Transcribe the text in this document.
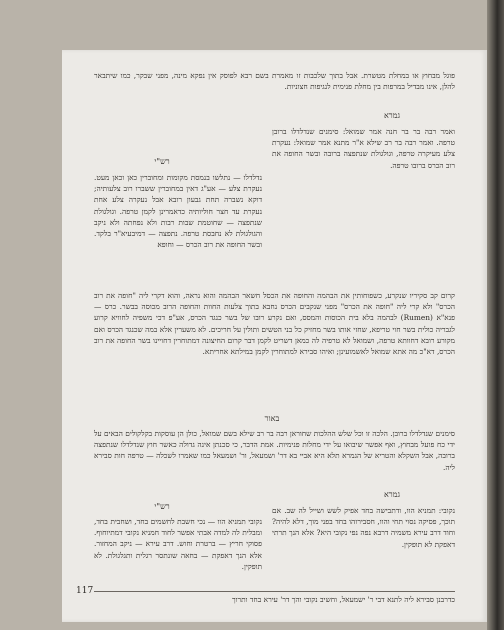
פוגל מבחוץ או במחלת מטשרת. אבל בתוך שלכבות זו מאמרת בשם רבא לפוסק אין נפקא מינה, מפני שבקר, כמו שיתבאר להלן, אינו מבדיל במרפות בין מחלת פנימית לנגיפות חצוניות.
גמרא
רש"י
ואמר רבה בר בר חנה אמר שמואל: סימנים שנדלדלו ברובן טרפה. ואמר רבה בר רב שילא א"ר מתנא אמר שמואל: נעקרת צלע מעיקרה טרפה, וגולגולת שנתפצה ברובה ובשר החופה את רוב הכרס ברובו טרפה.
נדלדלו — נתלשו בנמסת מקומות ומחוברין כאן וכאן מעט. נעקרת צלע — אע"ג דאין במחוברין ששברו רוב צלעותיה; דוקא נשברה תחת גבעון רובא אבל נעקרה צלע אחת נעקרת עד חצר חוליותיה כדאמרינן לקמן טרפה. וגולגולת שנתפצה — שחוטמת שבות רבות ולא נפחתה ולא ניקב והגולגולת לא נחבסת טרפה. נתפצה — דמיבעיא"ר בלקד. ובשר החופה את רוב הכרס — וחופא
קרום קב סקיריו שנקרע, כשפוחותין את הבהמה והחופה את הכסל חשאר הבהמה והוא נראה, והוא דקרי ליה "חופה את רוב הכרס" ולא קרי ליה "חופה את הכרס" מפני שנקבים הכרס נחבא בתוך צלעות החוות והחופה הרוב מכוסה בבשר. כרס — פנא"א (Rumen) לבהמה בלא בית הכוסות והמסס, ואם נקרע רובו של בשר כנגד הכרס, אע"פ דכי משפיה לחוויא קרוע לגבריה כולית בשר חוי טריפא, שחזי אותו בשר מחזיק כל בני הטשים ותולין על חריכים. לא משערין אלא במה שכנגד הכרס ואם מקורע רובא דחוותא טרפה, ושמואל לא טרפיה לה כמאן דשריט לקמן דבר קרום החיצונה דמתוחרין דחויינו בשר החופה את רוב הכרס, דא"כ מה אתא שמואל לאשמועינן; ואיהו סבירא למתוחרין לקמן במילתא אחריתא.
באור
סימנים שנדלדלו ברובן. הלכה זו וכל שלש ההלכות שחוראן רבה בר רב שילא בשם שמואל, כולן הן עוסקות בקלקולים הבאים על ידי כח פועל מבחוץ, ואף אפשר שיבואו על ידי מחלות פנימיות. אמת הדבר, כי סכנתן אינה גדולה כאשר חוץ שנדלדלו שנתפצה ברובה, אבל השקלא והטריא של הגמרא תלא היא אביי בא דר' ושמעאל, ור' ושמעאל כמו שאמרו לשכלה — טרפה חות סבירא ליה.
גמרא
רש"י	נקובי: תמניא הוו, ודתבישה בחד אפיק לשש ושייל לה שב. אם תוכך, פסיקה נסוי תחי והוו, חסבירוהו בחד בפני מוך, דלא להיה? וחוד דרב עירא משמיה דרבא נפה נפי נקובי היא? אלא הנך תרתי דאפקת לא תופקין.
נקובי תמניא הוו — נכי חשבת לחשמים בחד, ושחבית בחד, ומבלית לה למדה אבתי אפשר לחוד חמניא נקובי דמתיוחוף. פסוקי חריץ — ברטרת וחוש. דרב עירא — ניקב המחזור. אלא הנך דאפקת — בחאה שונתסר רגלית ותגלגולת. לא תופקין.
117
כדרבנן סבירא ליה לתנא דבי ר' ישמעאל, וחשיב נקובי והך דר' עירא בחד ותרוך
